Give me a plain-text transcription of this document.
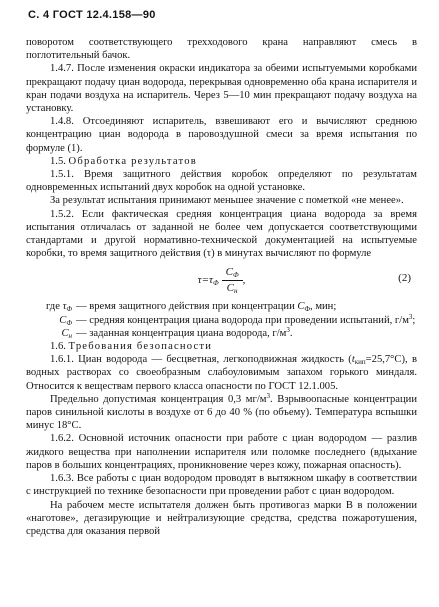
С. 4 ГОСТ 12.4.158—90

поворотом соответствующего трехходового крана направляют смесь в поглотительный бачок.

1.4.7. После изменения окраски индикатора за обеими испытуемыми коробками прекращают подачу циан водорода, перекрывая одновременно оба крана испарителя и кран подачи воздуха на испаритель. Через 5—10 мин прекращают подачу воздуха на установку.

1.4.8. Отсоединяют испаритель, взвешивают его и вычисляют среднюю концентрацию циан водорода в паровоздушной смеси за время испытания по формуле (1).

1.5. Обработка результатов

1.5.1. Время защитного действия коробок определяют по результатам одновременных испытаний двух коробок на одной установке.

За результат испытания принимают меньшее значение с пометкой «не менее».

1.5.2. Если фактическая средняя концентрация циана водорода за время испытания отличалась от заданной не более чем допускается соответствующими стандартами и другой нормативно-технической документацией на испытуемые коробки, то время защитного действия (τ) в минутах вычисляют по формуле

$\tau=\tau_Ф \frac{С_Ф}{С_н}$ ,	(2)
где $\tau_Ф$ — время защитного действия при концентрации $С_Ф$, мин;
$С_Ф$ — средняя концентрация циана водорода при проведении испытаний, $г/м^3$;
$С_н$ — заданная концентрация циана водорода, $г/м^3$.

1.6. Требования безопасности

1.6.1. Циан водорода — бесцветная, легкоподвижная жидкость $(t_{кип}=25,7^\circ C)$, в водных растворах со своеобразным слабоуловимым запахом горького миндаля. Относится к веществам первого класса опасности по ГОСТ 12.1.005.

Предельно допустимая концентрация 0,3 $мг/м^3$. Взрывоопасные концентрации паров синильной кислоты в воздухе от 6 до 40 % (по объему). Температура вспышки минус 18°С.

1.6.2. Основной источник опасности при работе с циан водородом — разлив жидкого вещества при наполнении испарителя или поломке последнего (вдыхание паров в больших концентрациях, проникновение через кожу, пожарная опасность).

1.6.3. Все работы с циан водородом проводят в вытяжном шкафу в соответствии с инструкцией по технике безопасности при проведении работ с циан водородом.

На рабочем месте испытателя должен быть противогаз марки В в положении «наготове», дегазирующие и нейтрализующие средства, средства пожаротушения, средства для оказания первой
